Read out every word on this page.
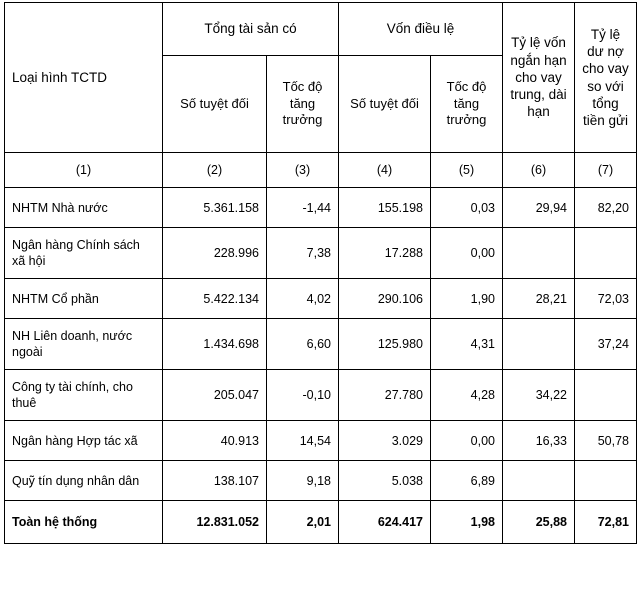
Loại hình TCTD	Tổng tài sản có		Vốn điều lệ		Tỷ lệ vốn ngắn hạn cho vay trung, dài hạn	Tỷ lệ dư nợ cho vay so với tổng tiền gửi
	Số tuyệt đối	Tốc độ tăng trưởng	Số tuyệt đối	Tốc độ tăng trưởng		
(1)	(2)	(3)	(4)	(5)	(6)	(7)
NHTM Nhà nước	5.361.158	-1,44	155.198	0,03	29,94	82,20
Ngân hàng Chính sách xã hội	228.996	7,38	17.288	0,00		
NHTM Cổ phần	5.422.134	4,02	290.106	1,90	28,21	72,03
NH Liên doanh, nước ngoài	1.434.698	6,60	125.980	4,31		37,24
Công ty tài chính, cho thuê	205.047	-0,10	27.780	4,28	34,22	
Ngân hàng Hợp tác xã	40.913	14,54	3.029	0,00	16,33	50,78
Quỹ tín dụng nhân dân	138.107	9,18	5.038	6,89		
Toàn hệ thống	12.831.052	2,01	624.417	1,98	25,88	72,81
